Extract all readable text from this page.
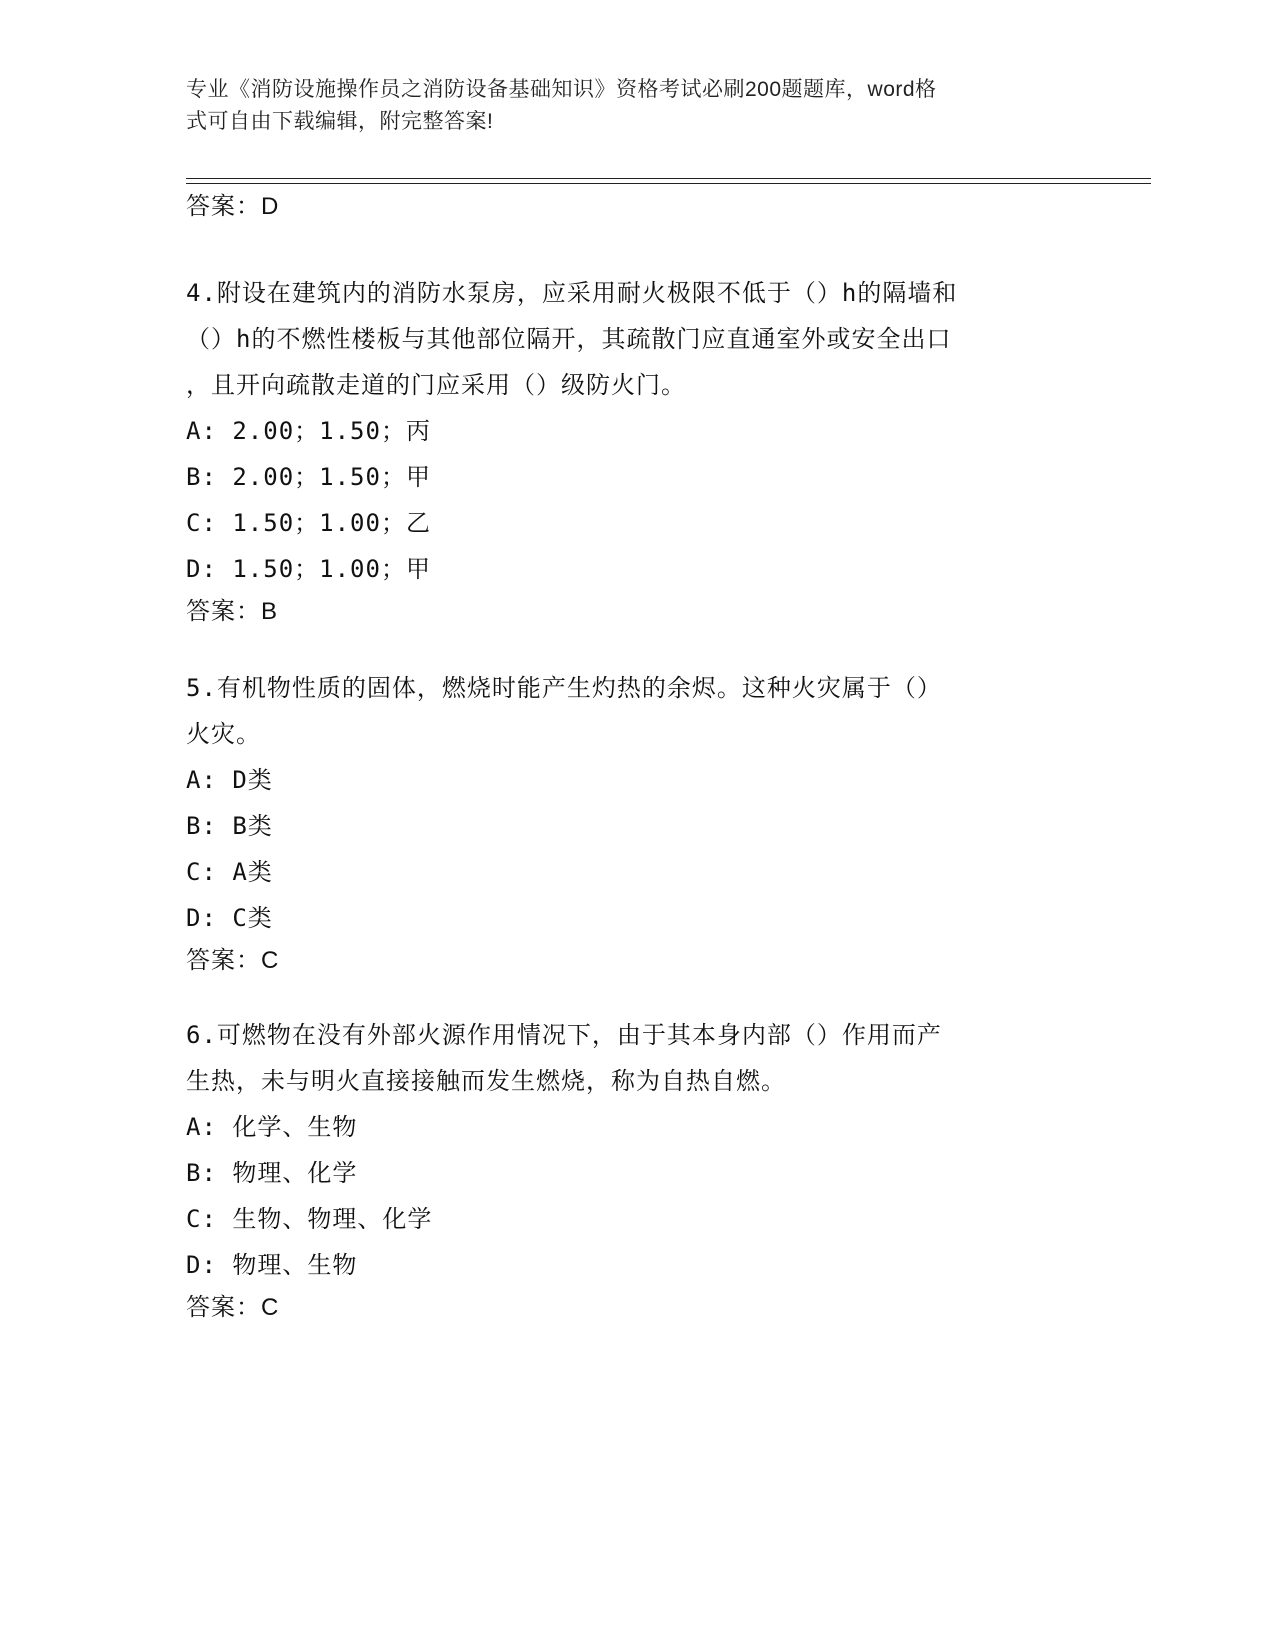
专业《消防设施操作员之消防设备基础知识》资格考试必刷200题题库，word格
式可自由下载编辑，附完整答案!
答案：D
4.附设在建筑内的消防水泵房，应采用耐火极限不低于（）h的隔墙和
（）h的不燃性楼板与其他部位隔开，其疏散门应直通室外或安全出口
，且开向疏散走道的门应采用（）级防火门。
A: 2.00；1.50；丙
B: 2.00；1.50；甲
C: 1.50；1.00；乙
D: 1.50；1.00；甲
答案：B
5.有机物性质的固体，燃烧时能产生灼热的余烬。这种火灾属于（）
火灾。
A: D类
B: B类
C: A类
D: C类
答案：C
6.可燃物在没有外部火源作用情况下，由于其本身内部（）作用而产
生热，未与明火直接接触而发生燃烧，称为自热自燃。
A: 化学、生物
B: 物理、化学
C: 生物、物理、化学
D: 物理、生物
答案：C
